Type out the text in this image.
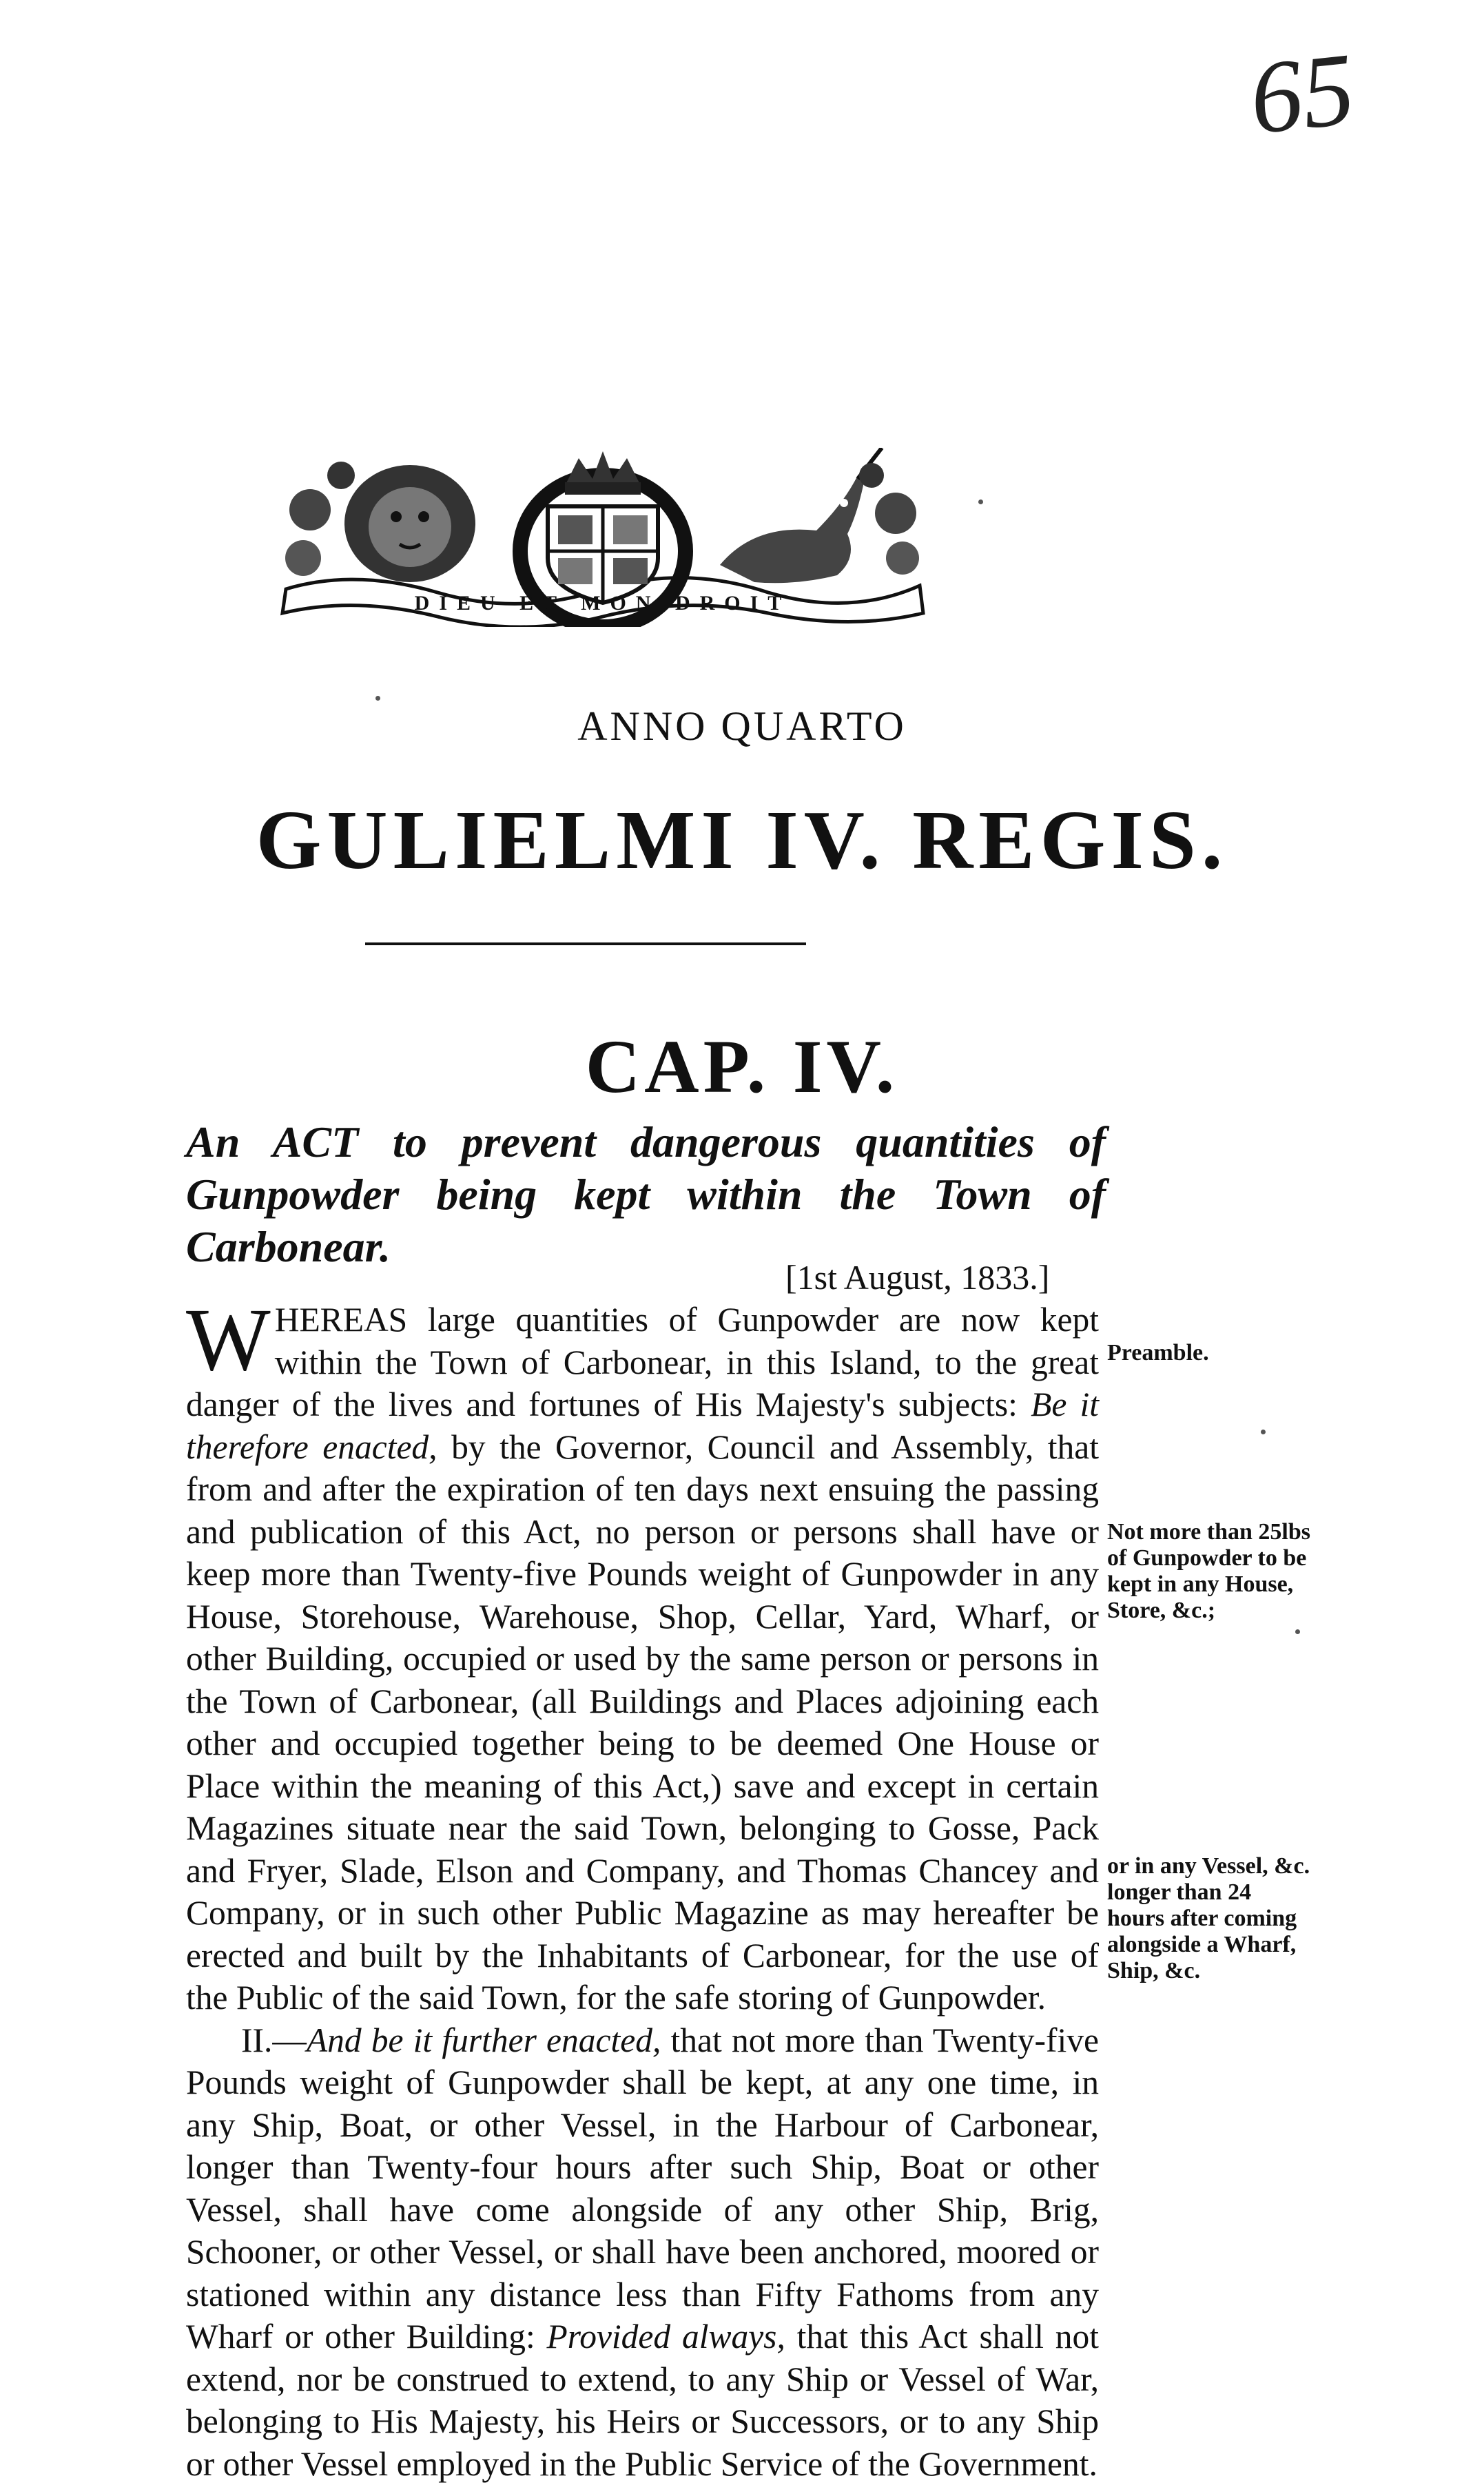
65
DIEU ET MON DROIT
ANNO QUARTO
GULIELMI IV. REGIS.
CAP. IV.
An ACT to prevent dangerous quantities of Gunpowder being kept within the Town of Carbonear.
[1st August, 1833.]

WHEREAS large quantities of Gunpowder are now kept within the Town of Carbonear, in this Island, to the great danger of the lives and fortunes of His Majesty's subjects: Be it therefore enacted, by the Governor, Council and Assembly, that from and after the expiration of ten days next ensuing the passing and publication of this Act, no person or persons shall have or keep more than Twenty-five Pounds weight of Gunpowder in any House, Storehouse, Warehouse, Shop, Cellar, Yard, Wharf, or other Building, occupied or used by the same person or persons in the Town of Carbonear, (all Buildings and Places adjoining each other and occupied together being to be deemed One House or Place within the meaning of this Act,) save and except in certain Magazines situate near the said Town, belonging to Gosse, Pack and Fryer, Slade, Elson and Company, and Thomas Chancey and Company, or in such other Public Magazine as may hereafter be erected and built by the Inhabitants of Carbonear, for the use of the Public of the said Town, for the safe storing of Gunpowder.

II.—And be it further enacted, that not more than Twenty-five Pounds weight of Gunpowder shall be kept, at any one time, in any Ship, Boat, or other Vessel, in the Harbour of Carbonear, longer than Twenty-four hours after such Ship, Boat or other Vessel, shall have come alongside of any other Ship, Brig, Schooner, or other Vessel, or shall have been anchored, moored or stationed within any distance less than Fifty Fathoms from any Wharf or other Building: Provided always, that this Act shall not extend, nor be construed to extend, to any Ship or Vessel of War, belonging to His Majesty, his Heirs or Successors, or to any Ship or other Vessel employed in the Public Service of the Government.

Preamble.
Not more than 25lbs of Gunpowder to be kept in any House, Store, &c.;
or in any Vessel, &c. longer than 24 hours after coming alongside a Wharf, Ship, &c.
